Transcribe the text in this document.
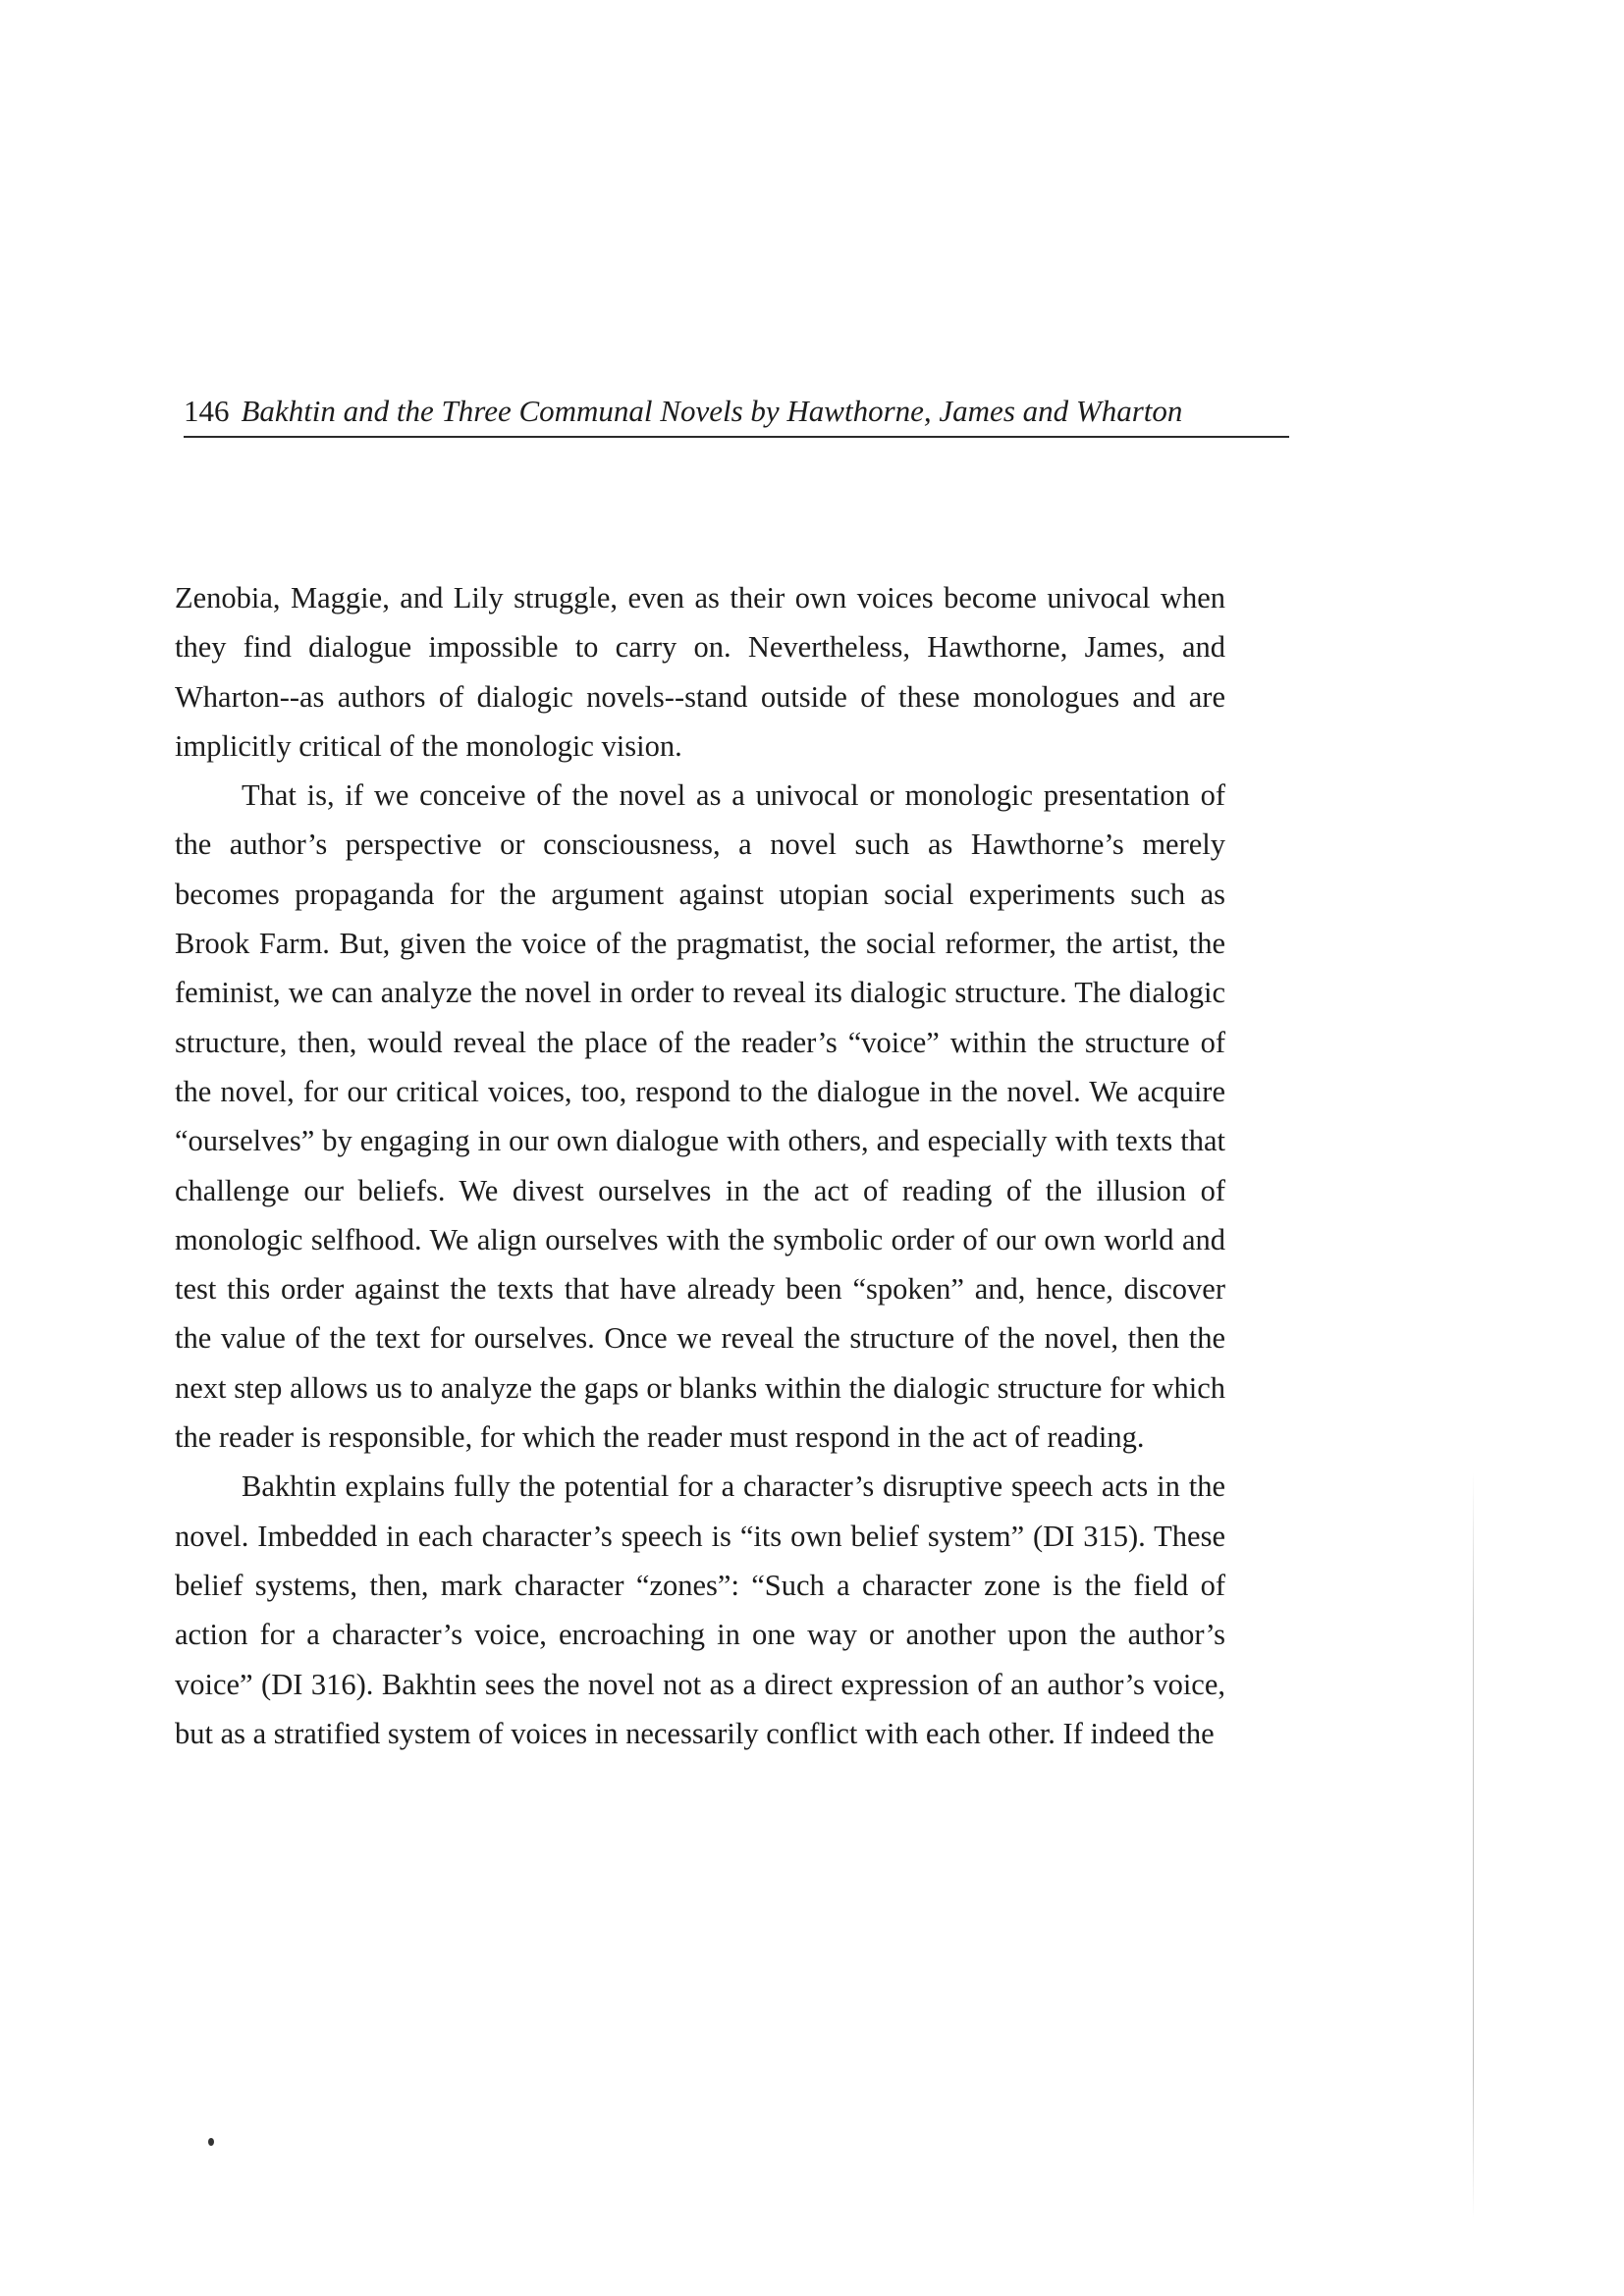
146 Bakhtin and the Three Communal Novels by Hawthorne, James and Wharton

Zenobia, Maggie, and Lily struggle, even as their own voices become univocal when they find dialogue impossible to carry on. Nevertheless, Hawthorne, James, and Wharton--as authors of dialogic novels--stand outside of these monologues and are implicitly critical of the monologic vision.

That is, if we conceive of the novel as a univocal or monologic presentation of the author’s perspective or consciousness, a novel such as Hawthorne’s merely becomes propaganda for the argument against utopian social experiments such as Brook Farm. But, given the voice of the pragmatist, the social reformer, the artist, the feminist, we can analyze the novel in order to reveal its dialogic structure. The dialogic structure, then, would reveal the place of the reader’s “voice” within the structure of the novel, for our critical voices, too, respond to the dialogue in the novel. We acquire “ourselves” by engaging in our own dialogue with others, and especially with texts that challenge our beliefs. We divest ourselves in the act of reading of the illusion of monologic selfhood. We align ourselves with the symbolic order of our own world and test this order against the texts that have already been “spoken” and, hence, discover the value of the text for ourselves. Once we reveal the structure of the novel, then the next step allows us to analyze the gaps or blanks within the dialogic structure for which the reader is responsible, for which the reader must respond in the act of reading.

Bakhtin explains fully the potential for a character’s disruptive speech acts in the novel. Imbedded in each character’s speech is “its own belief system” (DI 315). These belief systems, then, mark character “zones”: “Such a character zone is the field of action for a character’s voice, encroaching in one way or another upon the author’s voice” (DI 316). Bakhtin sees the novel not as a direct expression of an author’s voice, but as a stratified system of voices in necessarily conflict with each other. If indeed the
